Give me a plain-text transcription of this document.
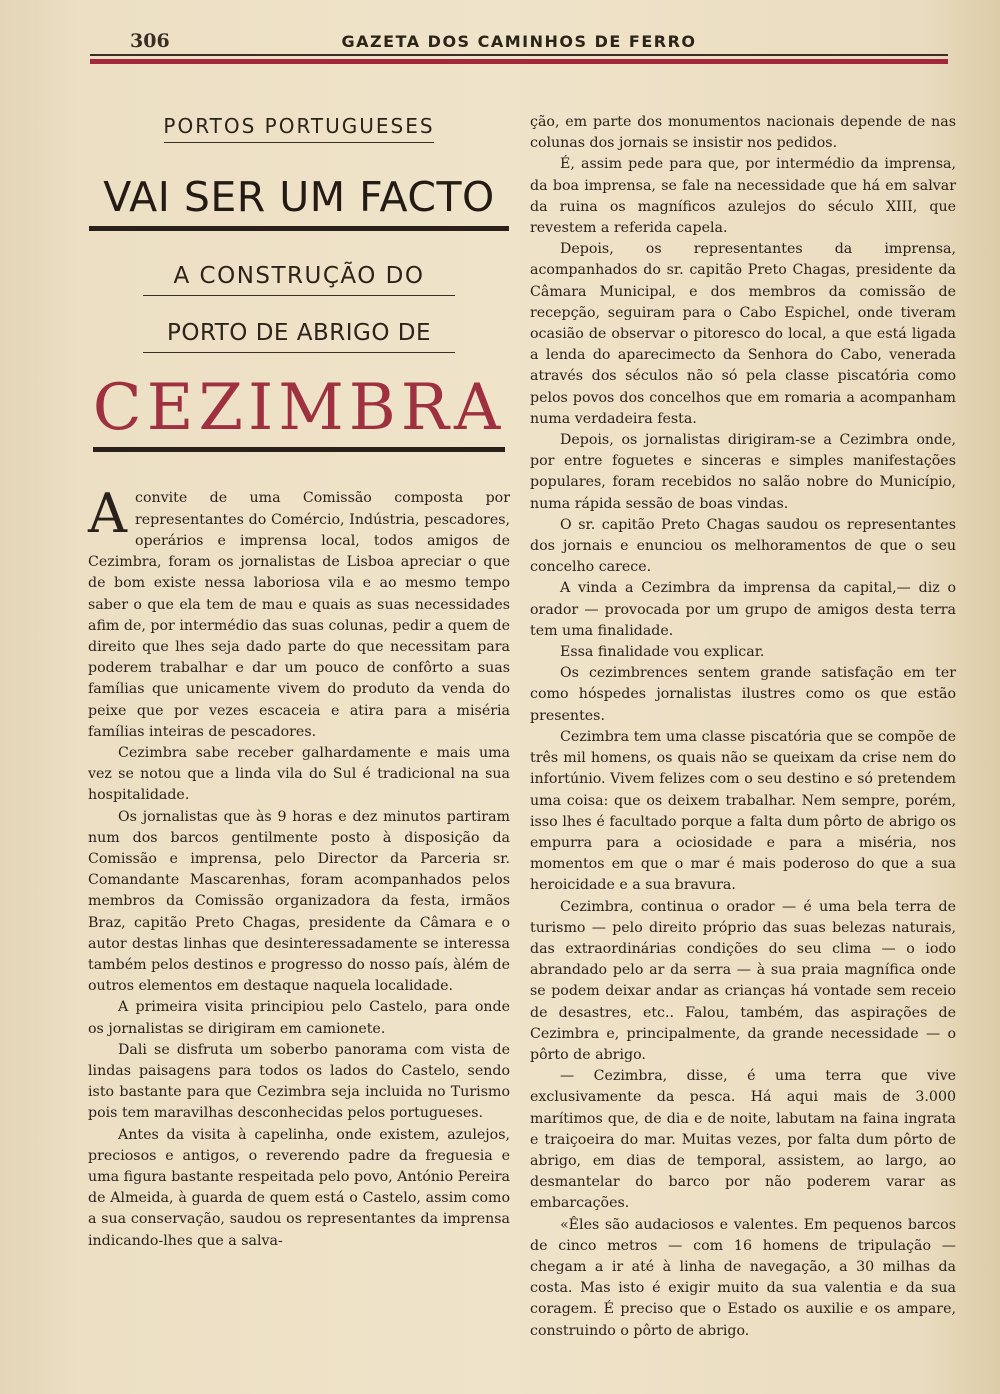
306	GAZETA DOS CAMINHOS DE FERRO
PORTOS PORTUGUESES
VAI SER UM FACTO
A CONSTRUÇÃO DO
PORTO DE ABRIGO DE
CEZIMBRA

Aconvite de uma Comissão composta por representantes do Comércio, Indústria, pescadores, operários e imprensa local, todos amigos de Cezimbra, foram os jornalistas de Lisboa apreciar o que de bom existe nessa laboriosa vila e ao mesmo tempo saber o que ela tem de mau e quais as suas necessidades afim de, por intermédio das suas colunas, pedir a quem de direito que lhes seja dado parte do que necessitam para poderem trabalhar e dar um pouco de confôrto a suas famílias que unicamente vivem do produto da venda do peixe que por vezes escaceia e atira para a miséria famílias inteiras de pescadores.

Cezimbra sabe receber galhardamente e mais uma vez se notou que a linda vila do Sul é tradicional na sua hospitalidade.

Os jornalistas que às 9 horas e dez minutos partiram num dos barcos gentilmente posto à disposição da Comissão e imprensa, pelo Director da Parceria sr. Comandante Mascarenhas, foram acompanhados pelos membros da Comissão organizadora da festa, irmãos Braz, capitão Preto Chagas, presidente da Câmara e o autor destas linhas que desinteressadamente se interessa também pelos destinos e progresso do nosso país, àlém de outros elementos em destaque naquela localidade.

A primeira visita principiou pelo Castelo, para onde os jornalistas se dirigiram em camionete.

Dali se disfruta um soberbo panorama com vista de lindas paisagens para todos os lados do Castelo, sendo isto bastante para que Cezimbra seja incluida no Turismo pois tem maravilhas desconhecidas pelos portugueses.

Antes da visita à capelinha, onde existem, azulejos, preciosos e antigos, o reverendo padre da freguesia e uma figura bastante respeitada pelo povo, António Pereira de Almeida, à guarda de quem está o Castelo, assim como a sua conservação, saudou os representantes da imprensa indicando-lhes que a salva-

ção, em parte dos monumentos nacionais depende de nas colunas dos jornais se insistir nos pedidos.

É, assim pede para que, por intermédio da imprensa, da boa imprensa, se fale na necessidade que há em salvar da ruina os magníficos azulejos do século XIII, que revestem a referida capela.

Depois, os representantes da imprensa, acompanhados do sr. capitão Preto Chagas, presidente da Câmara Municipal, e dos membros da comissão de recepção, seguiram para o Cabo Espichel, onde tiveram ocasião de observar o pitoresco do local, a que está ligada a lenda do aparecimecto da Senhora do Cabo, venerada através dos séculos não só pela classe piscatória como pelos povos dos concelhos que em romaria a acompanham numa verdadeira festa.

Depois, os jornalistas dirigiram-se a Cezimbra onde, por entre foguetes e sinceras e simples manifestações populares, foram recebidos no salão nobre do Município, numa rápida sessão de boas vindas.

O sr. capitão Preto Chagas saudou os representantes dos jornais e enunciou os melhoramentos de que o seu concelho carece.

A vinda a Cezimbra da imprensa da capital,— diz o orador — provocada por um grupo de amigos desta terra tem uma finalidade.

Essa finalidade vou explicar.

Os cezimbrences sentem grande satisfação em ter como hóspedes jornalistas ilustres como os que estão presentes.

Cezimbra tem uma classe piscatória que se compõe de três mil homens, os quais não se queixam da crise nem do infortúnio. Vivem felizes com o seu destino e só pretendem uma coisa: que os deixem trabalhar. Nem sempre, porém, isso lhes é facultado porque a falta dum pôrto de abrigo os empurra para a ociosidade e para a miséria, nos momentos em que o mar é mais poderoso do que a sua heroicidade e a sua bravura.

Cezimbra, continua o orador — é uma bela terra de turismo — pelo direito próprio das suas belezas naturais, das extraordinárias condições do seu clima — o iodo abrandado pelo ar da serra — à sua praia magnífica onde se podem deixar andar as crianças há vontade sem receio de desastres, etc.. Falou, também, das aspirações de Cezimbra e, principalmente, da grande necessidade — o pôrto de abrigo.

— Cezimbra, disse, é uma terra que vive exclusivamente da pesca. Há aqui mais de 3.000 marítimos que, de dia e de noite, labutam na faina ingrata e traiçoeira do mar. Muitas vezes, por falta dum pôrto de abrigo, em dias de temporal, assistem, ao largo, ao desmantelar do barco por não poderem varar as embarcações.

«Êles são audaciosos e valentes. Em pequenos barcos de cinco metros — com 16 homens de tripulação — chegam a ir até à linha de navegação, a 30 milhas da costa. Mas isto é exigir muito da sua valentia e da sua coragem. É preciso que o Estado os auxilie e os ampare, construindo o pôrto de abrigo.
